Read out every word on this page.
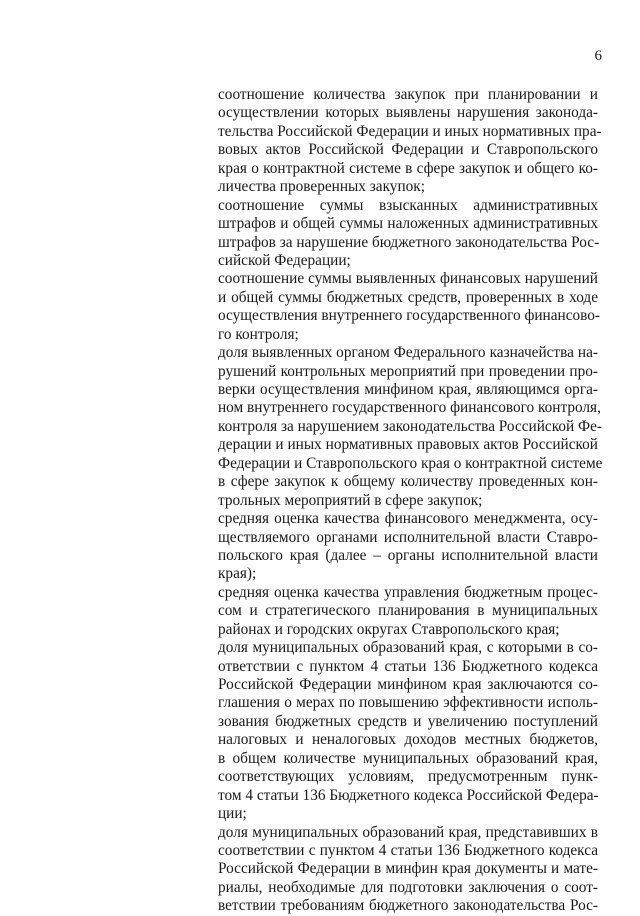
6
соотношение количества закупок при планировании и
осуществлении которых выявлены нарушения законода-
тельства Российской Федерации и иных нормативных пра-
вовых актов Российской Федерации и Ставропольского
края о контрактной системе в сфере закупок и общего ко-
личества проверенных закупок;
соотношение суммы взысканных административных
штрафов и общей суммы наложенных административных
штрафов за нарушение бюджетного законодательства Рос-
сийской Федерации;
соотношение суммы выявленных финансовых нарушений
и общей суммы бюджетных средств, проверенных в ходе
осуществления внутреннего государственного финансово-
го контроля;
доля выявленных органом Федерального казначейства на-
рушений контрольных мероприятий при проведении про-
верки осуществления минфином края, являющимся орга-
ном внутреннего государственного финансового контроля,
контроля за нарушением законодательства Российской Фе-
дерации и иных нормативных правовых актов Российской
Федерации и Ставропольского края о контрактной системе
в сфере закупок к общему количеству проведенных кон-
трольных мероприятий в сфере закупок;
средняя оценка качества финансового менеджмента, осу-
ществляемого органами исполнительной власти Ставро-
польского края (далее – органы исполнительной власти
края);
средняя оценка качества управления бюджетным процес-
сом и стратегического планирования в муниципальных
районах и городских округах Ставропольского края;
доля муниципальных образований края, с которыми в со-
ответствии с пунктом 4 статьи 136 Бюджетного кодекса
Российской Федерации минфином края заключаются со-
глашения о мерах по повышению эффективности исполь-
зования бюджетных средств и увеличению поступлений
налоговых и неналоговых доходов местных бюджетов,
в общем количестве муниципальных образований края,
соответствующих условиям, предусмотренным пунк-
том 4 статьи 136 Бюджетного кодекса Российской Федера-
ции;
доля муниципальных образований края, представивших в
соответствии с пунктом 4 статьи 136 Бюджетного кодекса
Российской Федерации в минфин края документы и мате-
риалы, необходимые для подготовки заключения о соот-
ветствии требованиям бюджетного законодательства Рос-
